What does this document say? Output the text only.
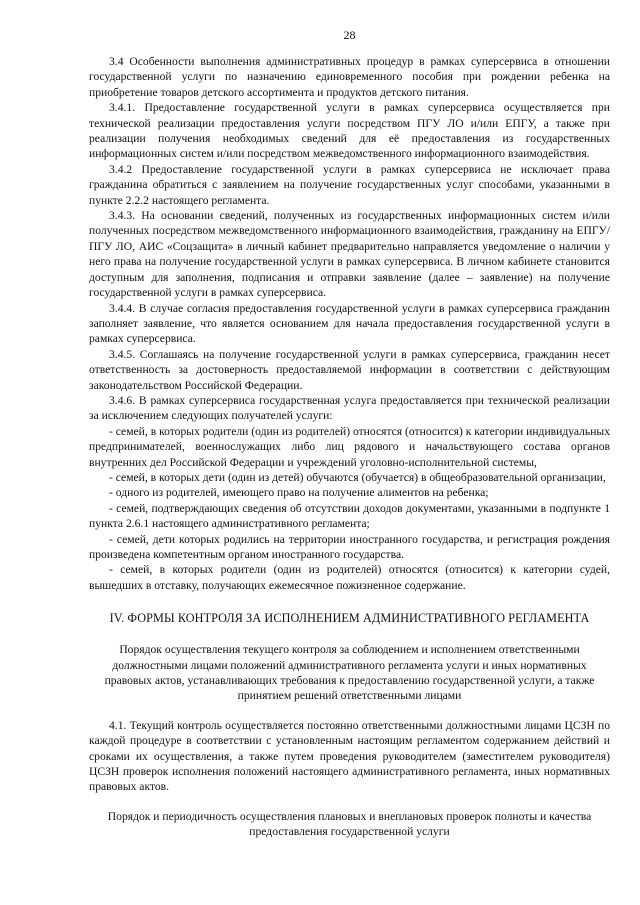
28

3.4 Особенности выполнения административных процедур в рамках суперсервиса в отношении государственной услуги по назначению единовременного пособия при рождении ребенка на приобретение товаров детского ассортимента и продуктов детского питания.

3.4.1. Предоставление государственной услуги в рамках суперсервиса осуществляется при технической реализации предоставления услуги посредством ПГУ ЛО и/или ЕПГУ, а также при реализации получения необходимых сведений для её предоставления из государственных информационных систем и/или посредством межведомственного информационного взаимодействия.

3.4.2 Предоставление государственной услуги в рамках суперсервиса не исключает права гражданина обратиться с заявлением на получение государственных услуг способами, указанными в пункте 2.2.2 настоящего регламента.

3.4.3. На основании сведений, полученных из государственных информационных систем и/или полученных посредством межведомственного информационного взаимодействия, гражданину на ЕПГУ/ПГУ ЛО, АИС «Соцзащита» в личный кабинет предварительно направляется уведомление о наличии у него права на получение государственной услуги в рамках суперсервиса. В личном кабинете становится доступным для заполнения, подписания и отправки заявление (далее – заявление) на получение государственной услуги в рамках суперсервиса.

3.4.4. В случае согласия предоставления государственной услуги в рамках суперсервиса гражданин заполняет заявление, что является основанием для начала предоставления государственной услуги в рамках суперсервиса.

3.4.5. Соглашаясь на получение государственной услуги в рамках суперсервиса, гражданин несет ответственность за достоверность предоставляемой информации в соответствии с действующим законодательством Российской Федерации.

3.4.6. В рамках суперсервиса государственная услуга предоставляется при технической реализации за исключением следующих получателей услуги:

- семей, в которых родители (один из родителей) относятся (относится) к категории индивидуальных предпринимателей, военнослужащих либо лиц рядового и начальствующего состава органов внутренних дел Российской Федерации и учреждений уголовно-исполнительной системы,

- семей, в которых дети (один из детей) обучаются (обучается) в общеобразовательной организации,

- одного из родителей, имеющего право на получение алиментов на ребенка;

- семей, подтверждающих сведения об отсутствии доходов документами, указанными в подпункте 1 пункта 2.6.1 настоящего административного регламента;

- семей, дети которых родились на территории иностранного государства, и регистрация рождения произведена компетентным органом иностранного государства.

- семей, в которых родители (один из родителей) относятся (относится) к категории судей, вышедших в отставку, получающих ежемесячное пожизненное содержание.

IV. ФОРМЫ КОНТРОЛЯ ЗА ИСПОЛНЕНИЕМ АДМИНИСТРАТИВНОГО РЕГЛАМЕНТА
Порядок осуществления текущего контроля за соблюдением и исполнением ответственными должностными лицами положений административного регламента услуги и иных нормативных правовых актов, устанавливающих требования к предоставлению государственной услуги, а также принятием решений ответственными лицами

4.1. Текущий контроль осуществляется постоянно ответственными должностными лицами ЦСЗН по каждой процедуре в соответствии с установленным настоящим регламентом содержанием действий и сроками их осуществления, а также путем проведения руководителем (заместителем руководителя) ЦСЗН проверок исполнения положений настоящего административного регламента, иных нормативных правовых актов.

Порядок и периодичность осуществления плановых и внеплановых проверок полноты и качества предоставления государственной услуги
